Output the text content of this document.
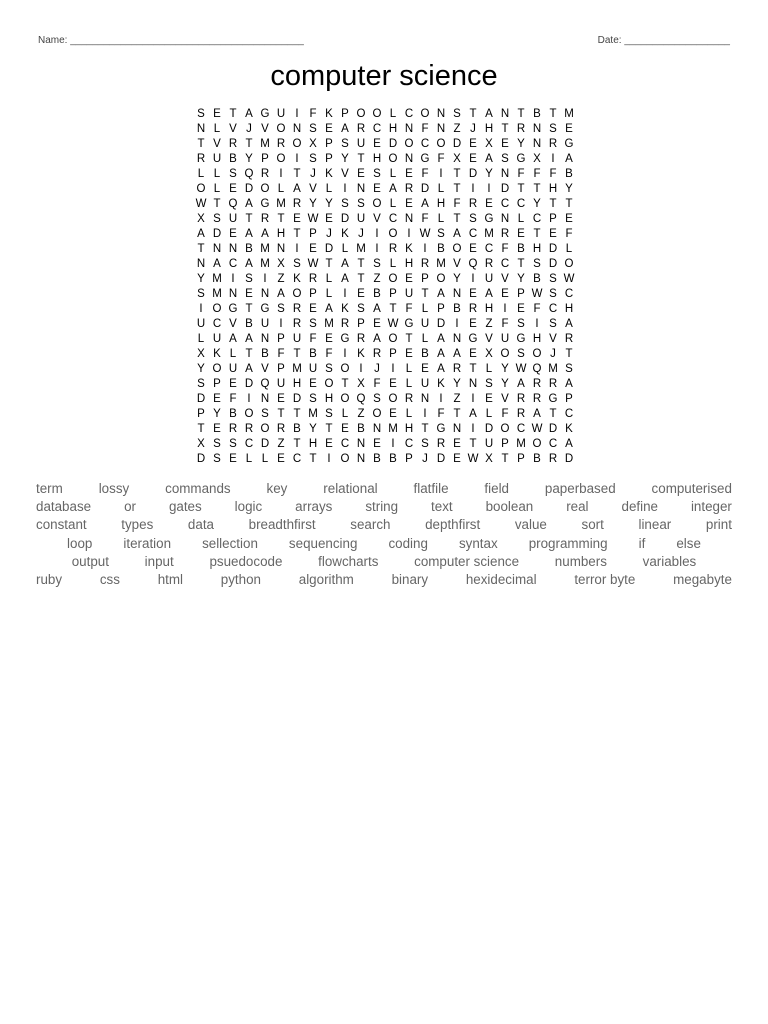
Name: __________________________________________	Date: ___________________
computer science
S E T A G U I F K P O O L C O N S T A N T B T M
N L V J V O N S E A R C H N F N Z J H T R N S E
T V R T M R O X P S U E D O C O D E X E Y N R G
R U B Y P O I S P Y T H O N G F X E A S G X I A
L L S Q R I T J K V E S L E F I T D Y N F F F B
O L E D O L A V L I N E A R D L T I	I D T T H Y
W T Q A G M R Y Y S S O L E A H F R E C C Y T T
X S U T R T E W E D U V C N F L T S G N L C P E
A D E A A H T P J K J	I O I W S A C M R E T E F
T N N B M N I E D L M I R K I B O E C F B H D L
N A C A M X S W T A T S L H R M V Q R C T S D O
Y M I S I Z K R L A T Z O E P O Y I U V Y B S W
S M N E N A O P L I E B P U T A N E A E P W S C
I O G T G S R E A K S A T F L P B R H I E F C H
U C V B U I R S M R P E W G U D I E Z F S I S A
L U A A N P U F E G R A O T L A N G V U G H V R
X K L T B F T B F I K R P E B A A E X O S O J T
Y O U A V P M U S O I	J	I L E A R T L Y W Q M S
S P E D Q U H E O T X F E L U K Y N S Y A R R A
D E F I N E D S H O Q S O R N I Z I E V R R G P
P Y B O S T T M S L Z O E L I F T A L F R A T C
T E R R O R B Y T E B N M H T G N I D O C W D K
X S S C D Z T H E C N E I C S R E T U P M O C A
D S E L L E C T I O N B B P J D E W X T P B R D
term	lossy	commands	key	relational	flatfile	field	paperbased	computerised
database or gates logic arrays string text boolean real define integer
constant	types	data	breadthfirst	search	depthfirst	value	sort	linear	print
loop iteration sellection sequencing coding syntax programming if else
output	input	psuedocode	flowcharts	computer science	numbers	variables
ruby	css	html	python	algorithm	binary	hexidecimal	terror byte	megabyte
